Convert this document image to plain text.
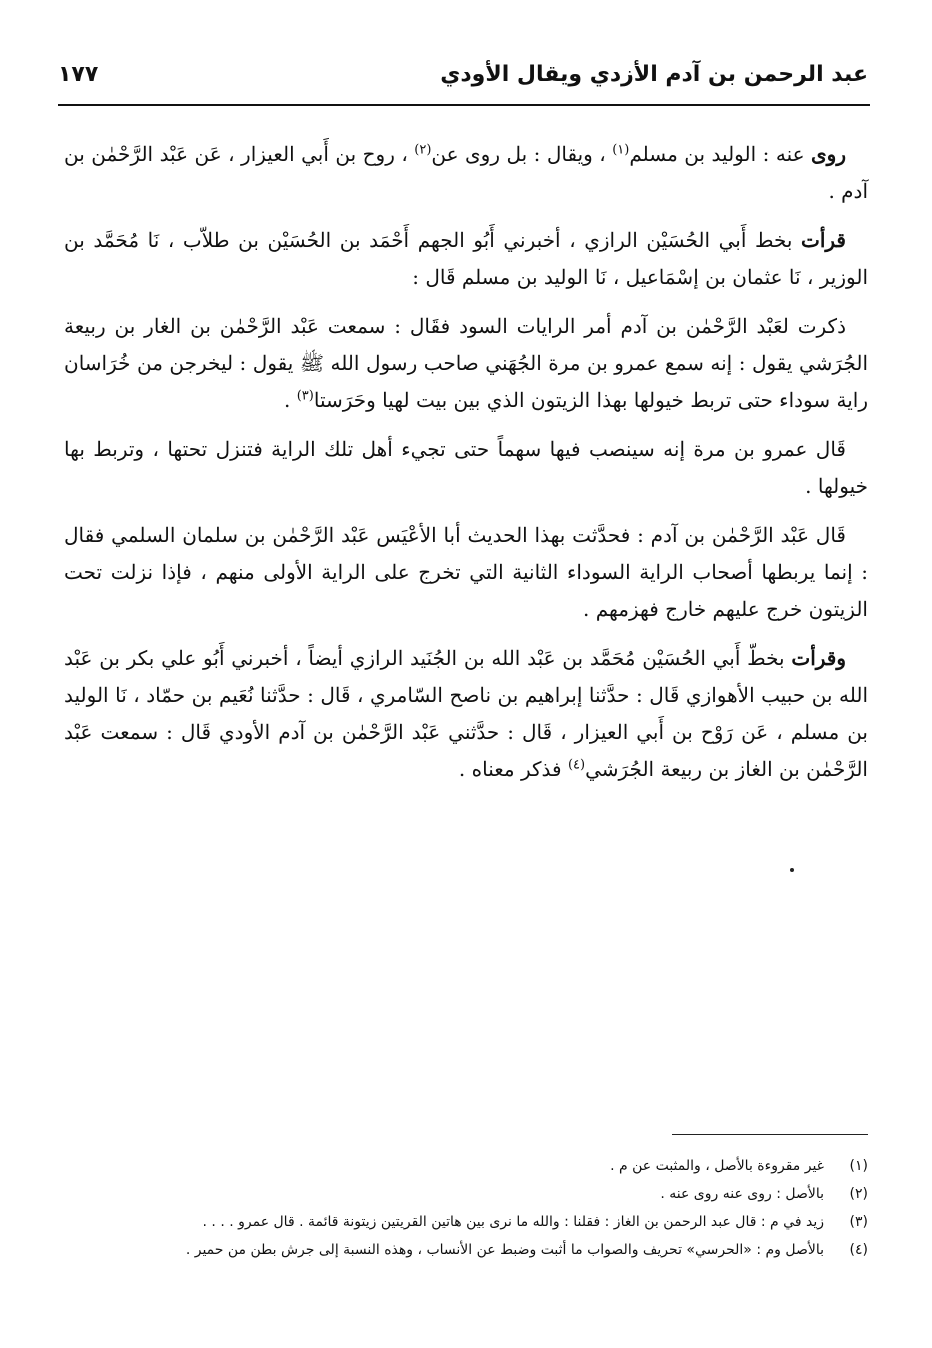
عبد الرحمن بن آدم الأزدي ويقال الأودي
١٧٧

روى عنه : الوليد بن مسلم$^{(١)}$ ، ويقال : بل روى عن$^{(٢)}$ ، روح بن أَبي العيزار ، عَن عَبْد الرَّحْمٰن بن آدم .

قرأت بخط أَبي الحُسَيْن الرازي ، أخبرني أَبُو الجهم أَحْمَد بن الحُسَيْن بن طلاّب ، نَا مُحَمَّد بن الوزير ، نَا عثمان بن إسْمَاعيل ، نَا الوليد بن مسلم قَال :

ذكرت لعَبْد الرَّحْمٰن بن آدم أمر الرايات السود فقَال : سمعت عَبْد الرَّحْمٰن بن الغار بن ربيعة الجُرَشي يقول : إنه سمع عمرو بن مرة الجُهَني صاحب رسول الله ﷺ يقول : ليخرجن من خُرَاسان راية سوداء حتى تربط خيولها بهذا الزيتون الذي بين بيت لهيا وحَرَستا$^{(٣)}$ .

قَال عمرو بن مرة إنه سينصب فيها سهماً حتى تجيء أهل تلك الراية فتنزل تحتها ، وتربط بها خيولها .

قَال عَبْد الرَّحْمٰن بن آدم : فحدَّثت بهذا الحديث أبا الأعْيَس عَبْد الرَّحْمٰن بن سلمان السلمي فقال : إنما يربطها أصحاب الراية السوداء الثانية التي تخرج على الراية الأولى منهم ، فإذا نزلت تحت الزيتون خرج عليهم خارج فهزمهم .

وقرأت بخطّ أَبي الحُسَيْن مُحَمَّد بن عَبْد الله بن الجُنَيد الرازي أيضاً ، أخبرني أَبُو علي بكر بن عَبْد الله بن حبيب الأهوازي قَال : حدَّثنا إبراهيم بن ناصح السّامري ، قَال : حدَّثنا نُعَيم بن حمّاد ، نَا الوليد بن مسلم ، عَن رَوْح بن أَبي العيزار ، قَال : حدَّثني عَبْد الرَّحْمٰن بن آدم الأودي قَال : سمعت عَبْد الرَّحْمٰن بن الغاز بن ربيعة الجُرَشي$^{(٤)}$ فذكر معناه .

(١)
غير مقروءة بالأصل ، والمثبت عن م .
(٢)
بالأصل : روى عنه روى عنه .
(٣)
زيد في م : قال عبد الرحمن بن الغاز : فقلنا : والله ما نرى بين هاتين القريتين زيتونة قائمة . قال عمرو . . . .
(٤)
بالأصل وم : «الحرسي» تحريف والصواب ما أثبت وضبط عن الأنساب ، وهذه النسبة إلى جرش بطن من حمير .
